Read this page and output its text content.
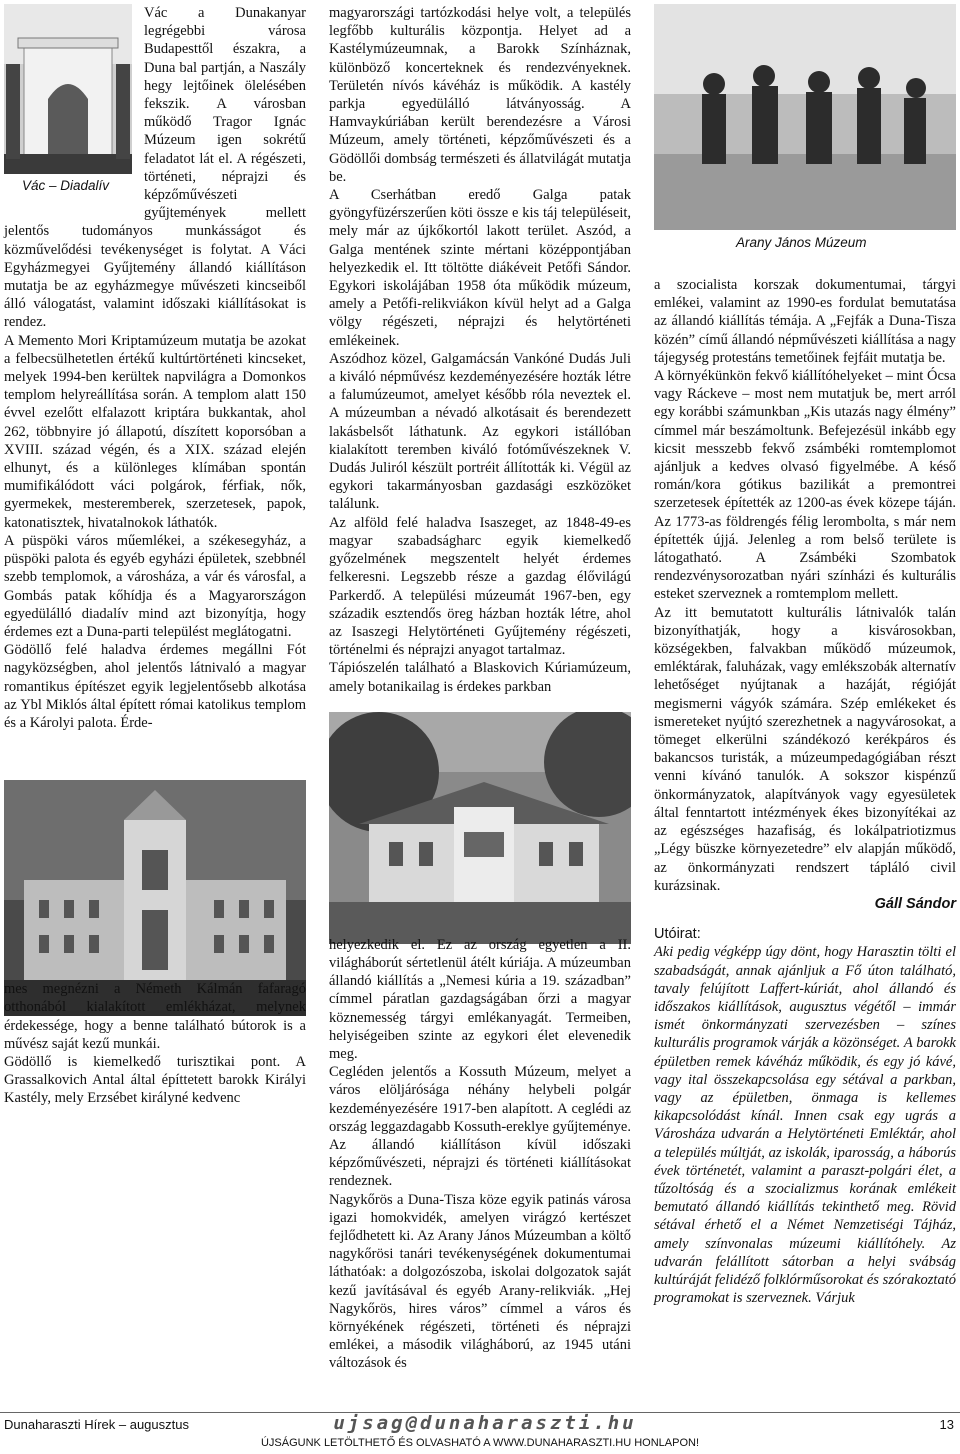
Vác – Diadalív
Arany János Múzeum

Vác a Dunakanyar legrégebbi városa Budapesttől északra, a Duna bal partján, a Naszály hegy lejtőinek ölelésében fekszik. A városban működő Tragor Ignác Múzeum igen sokrétű feladatot lát el. A régészeti, történeti, néprajzi és képzőművészeti gyűjtemények mellett jelentős tudományos munkásságot és közművelődési tevékenységet is folytat. A Váci Egyházmegyei Gyűjtemény állandó kiállításon mutatja be az egyházmegye művészeti kincseiből álló válogatást, valamint időszaki kiállításokat is rendez.

A Memento Mori Kriptamúzeum mutatja be azokat a felbecsülhetetlen értékű kultúrtörténeti kincseket, melyek 1994-ben kerültek napvilágra a Domonkos templom helyreállítása során. A templom alatt 150 évvel ezelőtt elfalazott kriptára bukkantak, ahol 262, többnyire jó állapotú, díszített koporsóban a XVIII. század végén, és a XIX. század elején elhunyt, és a különleges klímában spontán mumifikálódott váci polgárok, férfiak, nők, gyermekek, mesteremberek, szerzetesek, papok, katonatisztek, hivatalnokok láthatók.

A püspöki város műemlékei, a székesegyház, a püspöki palota és egyéb egyházi épületek, szebbnél szebb templomok, a városháza, a vár és városfal, a Gombás patak kőhídja és a Magyarországon egyedülálló diadalív mind azt bizonyítja, hogy érdemes ezt a Duna-parti települést meglátogatni.

Gödöllő felé haladva érdemes megállni Fót nagyközségben, ahol jelentős látnivaló a magyar romantikus építészet egyik legjelentősebb alkotása az Ybl Miklós által épített római katolikus templom és a Károlyi palota. Érde-

mes megnézni a Németh Kálmán fafaragó otthonából kialakított emlékházat, melynek érdekessége, hogy a benne található bútorok is a művész saját kezű munkái.

Gödöllő is kiemelkedő turisztikai pont. A Grassalkovich Antal által építtetett barokk Királyi Kastély, mely Erzsébet királyné kedvenc

magyarországi tartózkodási helye volt, a település legfőbb kulturális központja. Helyet ad a Kastélymúzeumnak, a Barokk Színháznak, különböző koncerteknek és rendezvényeknek. Területén nívós kávéház is működik. A kastély parkja egyedülálló látványosság. A Hamvaykúriában került berendezésre a Városi Múzeum, amely történeti, képzőművészeti és a Gödöllői dombság természeti és állatvilágát mutatja be.

A Cserhátban eredő Galga patak gyöngyfüzérszerűen köti össze e kis táj településeit, mely már az újkőkortól lakott terület. Aszód, a Galga mentének szinte mértani középpontjában helyezkedik el. Itt töltötte diákéveit Petőfi Sándor. Egykori iskolájában 1958 óta működik múzeum, amely a Petőfi-relikviákon kívül helyt ad a Galga völgy régészeti, néprajzi és helytörténeti emlékeinek.

Aszódhoz közel, Galgamácsán Vankóné Dudás Juli a kiváló népművész kezdeményezésére hozták létre a falumúzeumot, amelyet később róla neveztek el. A múzeumban a névadó alkotásait és berendezett lakásbelsőt láthatunk. Az egykori istállóban kialakított teremben kiváló fotóművészeknek V. Dudás Juliról készült portréit állították ki. Végül az egykori takarmányosban gazdasági eszközöket találunk.

Az alföld felé haladva Isaszeget, az 1848-49-es magyar szabadságharc egyik kiemelkedő győzelmének megszentelt helyét érdemes felkeresni. Legszebb része a gazdag élővilágú Parkerdő. A települési múzeumát 1967-ben, egy századik esztendős öreg házban hozták létre, ahol az Isaszegi Helytörténeti Gyűjtemény régészeti, történelmi és néprajzi anyagot tartalmaz.

Tápiószelén található a Blaskovich Kúriamúzeum, amely botanikailag is érdekes parkban

helyezkedik el. Ez az ország egyetlen a II. világháborút sértetlenül átélt kúriája. A múzeumban állandó kiállítás a „Nemesi kúria a 19. században” címmel páratlan gazdagságában őrzi a magyar köznemesség tárgyi emlékanyagát. Termeiben, helyiségeiben szinte az egykori élet elevenedik meg.

Cegléden jelentős a Kossuth Múzeum, melyet a város elöljárósága néhány helybeli polgár kezdeményezésére 1917-ben alapított. A ceglédi az ország leggazdagabb Kossuth-ereklye gyűjteménye. Az állandó kiállításon kívül időszaki képzőművészeti, néprajzi és történeti kiállításokat rendeznek.

Nagykőrös a Duna-Tisza köze egyik patinás városa igazi homokvidék, amelyen virágzó kertészet fejlődhetett ki. Az Arany János Múzeumban a költő nagykőrösi tanári tevékenységének dokumentumai láthatóak: a dolgozószoba, iskolai dolgozatok saját kezű javításával és egyéb Arany-relikviák. „Hej Nagykőrös, hires város” címmel a város és környékének régészeti, történeti és néprajzi emlékei, a második világháború, az 1945 utáni változások és

a szocialista korszak dokumentumai, tárgyi emlékei, valamint az 1990-es fordulat bemutatása az állandó kiállítás témája. A „Fejfák a Duna-Tisza közén” című állandó népművészeti kiállítása a nagy tájegység protestáns temetőinek fejfáit mutatja be.

A környékünkön fekvő kiállítóhelyeket – mint Ócsa vagy Ráckeve – most nem mutatjuk be, mert arról egy korábbi számunkban „Kis utazás nagy élmény” címmel már beszámoltunk. Befejezésül inkább egy kicsit messzebb fekvő zsámbéki romtemplomot ajánljuk a kedves olvasó figyelmébe. A késő román/kora gótikus bazilikát a premontrei szerzetesek építették az 1200-as évek közepe táján. Az 1773-as földrengés félig lerombolta, s már nem építették újjá. Jelenleg a rom belső területe is látogatható. A Zsámbéki Szombatok rendezvénysorozatban nyári színházi és kulturális esteket szerveznek a romtemplom mellett.

Az itt bemutatott kulturális látnivalók talán bizonyíthatják, hogy a kisvárosokban, községekben, falvakban működő múzeumok, emléktárak, faluházak, vagy emlékszobák alternatív lehetőséget nyújtanak a hazáját, régióját megismerni vágyók számára. Szép emlékeket és ismereteket nyújtó szerezhetnek a nagyvárosokat, a tömeget elkerülni szándékozó kerékpáros és bakancsos turisták, a múzeumpedagógiában részt venni kívánó tanulók. A sokszor kispénzű önkormányzatok, alapítványok vagy egyesületek által fenntartott intézmények ékes bizonyítékai az az egészséges hazafiság, és lokálpatriotizmus „Légy büszke környezetedre” elv alapján működő, az önkormányzati rendszert tápláló civil kurázsinak.

Gáll Sándor

Utóirat:

Aki pedig végképp úgy dönt, hogy Harasztin tölti el szabadságát, annak ajánljuk a Fő úton található, tavaly felújított Laffert-kúriát, ahol állandó és időszakos kiállítások, augusztus végétől – immár ismét önkormányzati szervezésben – színes kulturális programok várják a közönséget. A barokk épületben remek kávéház működik, és egy jó kávé, vagy ital összekapcsolása egy sétával a parkban, vagy az épületben, önmaga is kellemes kikapcsolódást kínál. Innen csak egy ugrás a Városháza udvarán a Helytörténeti Emléktár, ahol a település múltját, az iskolák, iparosság, a háborús évek történetét, valamint a paraszt-polgári élet, a tűzoltóság és a szocializmus korának emlékeit bemutató állandó kiállítás tekinthető meg. Rövid sétával érhető el a Német Nemzetiségi Tájház, amely színvonalas múzeumi kiállítóhely. Az udvarán felállított sátorban a helyi svábság kultúráját felidéző folklórműsorokat és szórakoztató programokat is szerveznek. Várjuk

Dunaharaszti Hírek – augusztus	ujsag@dunaharaszti.hu	13
ÚJSÁGUNK LETÖLTHETŐ ÉS OLVASHATÓ A WWW.DUNAHARASZTI.HU HONLAPON!
